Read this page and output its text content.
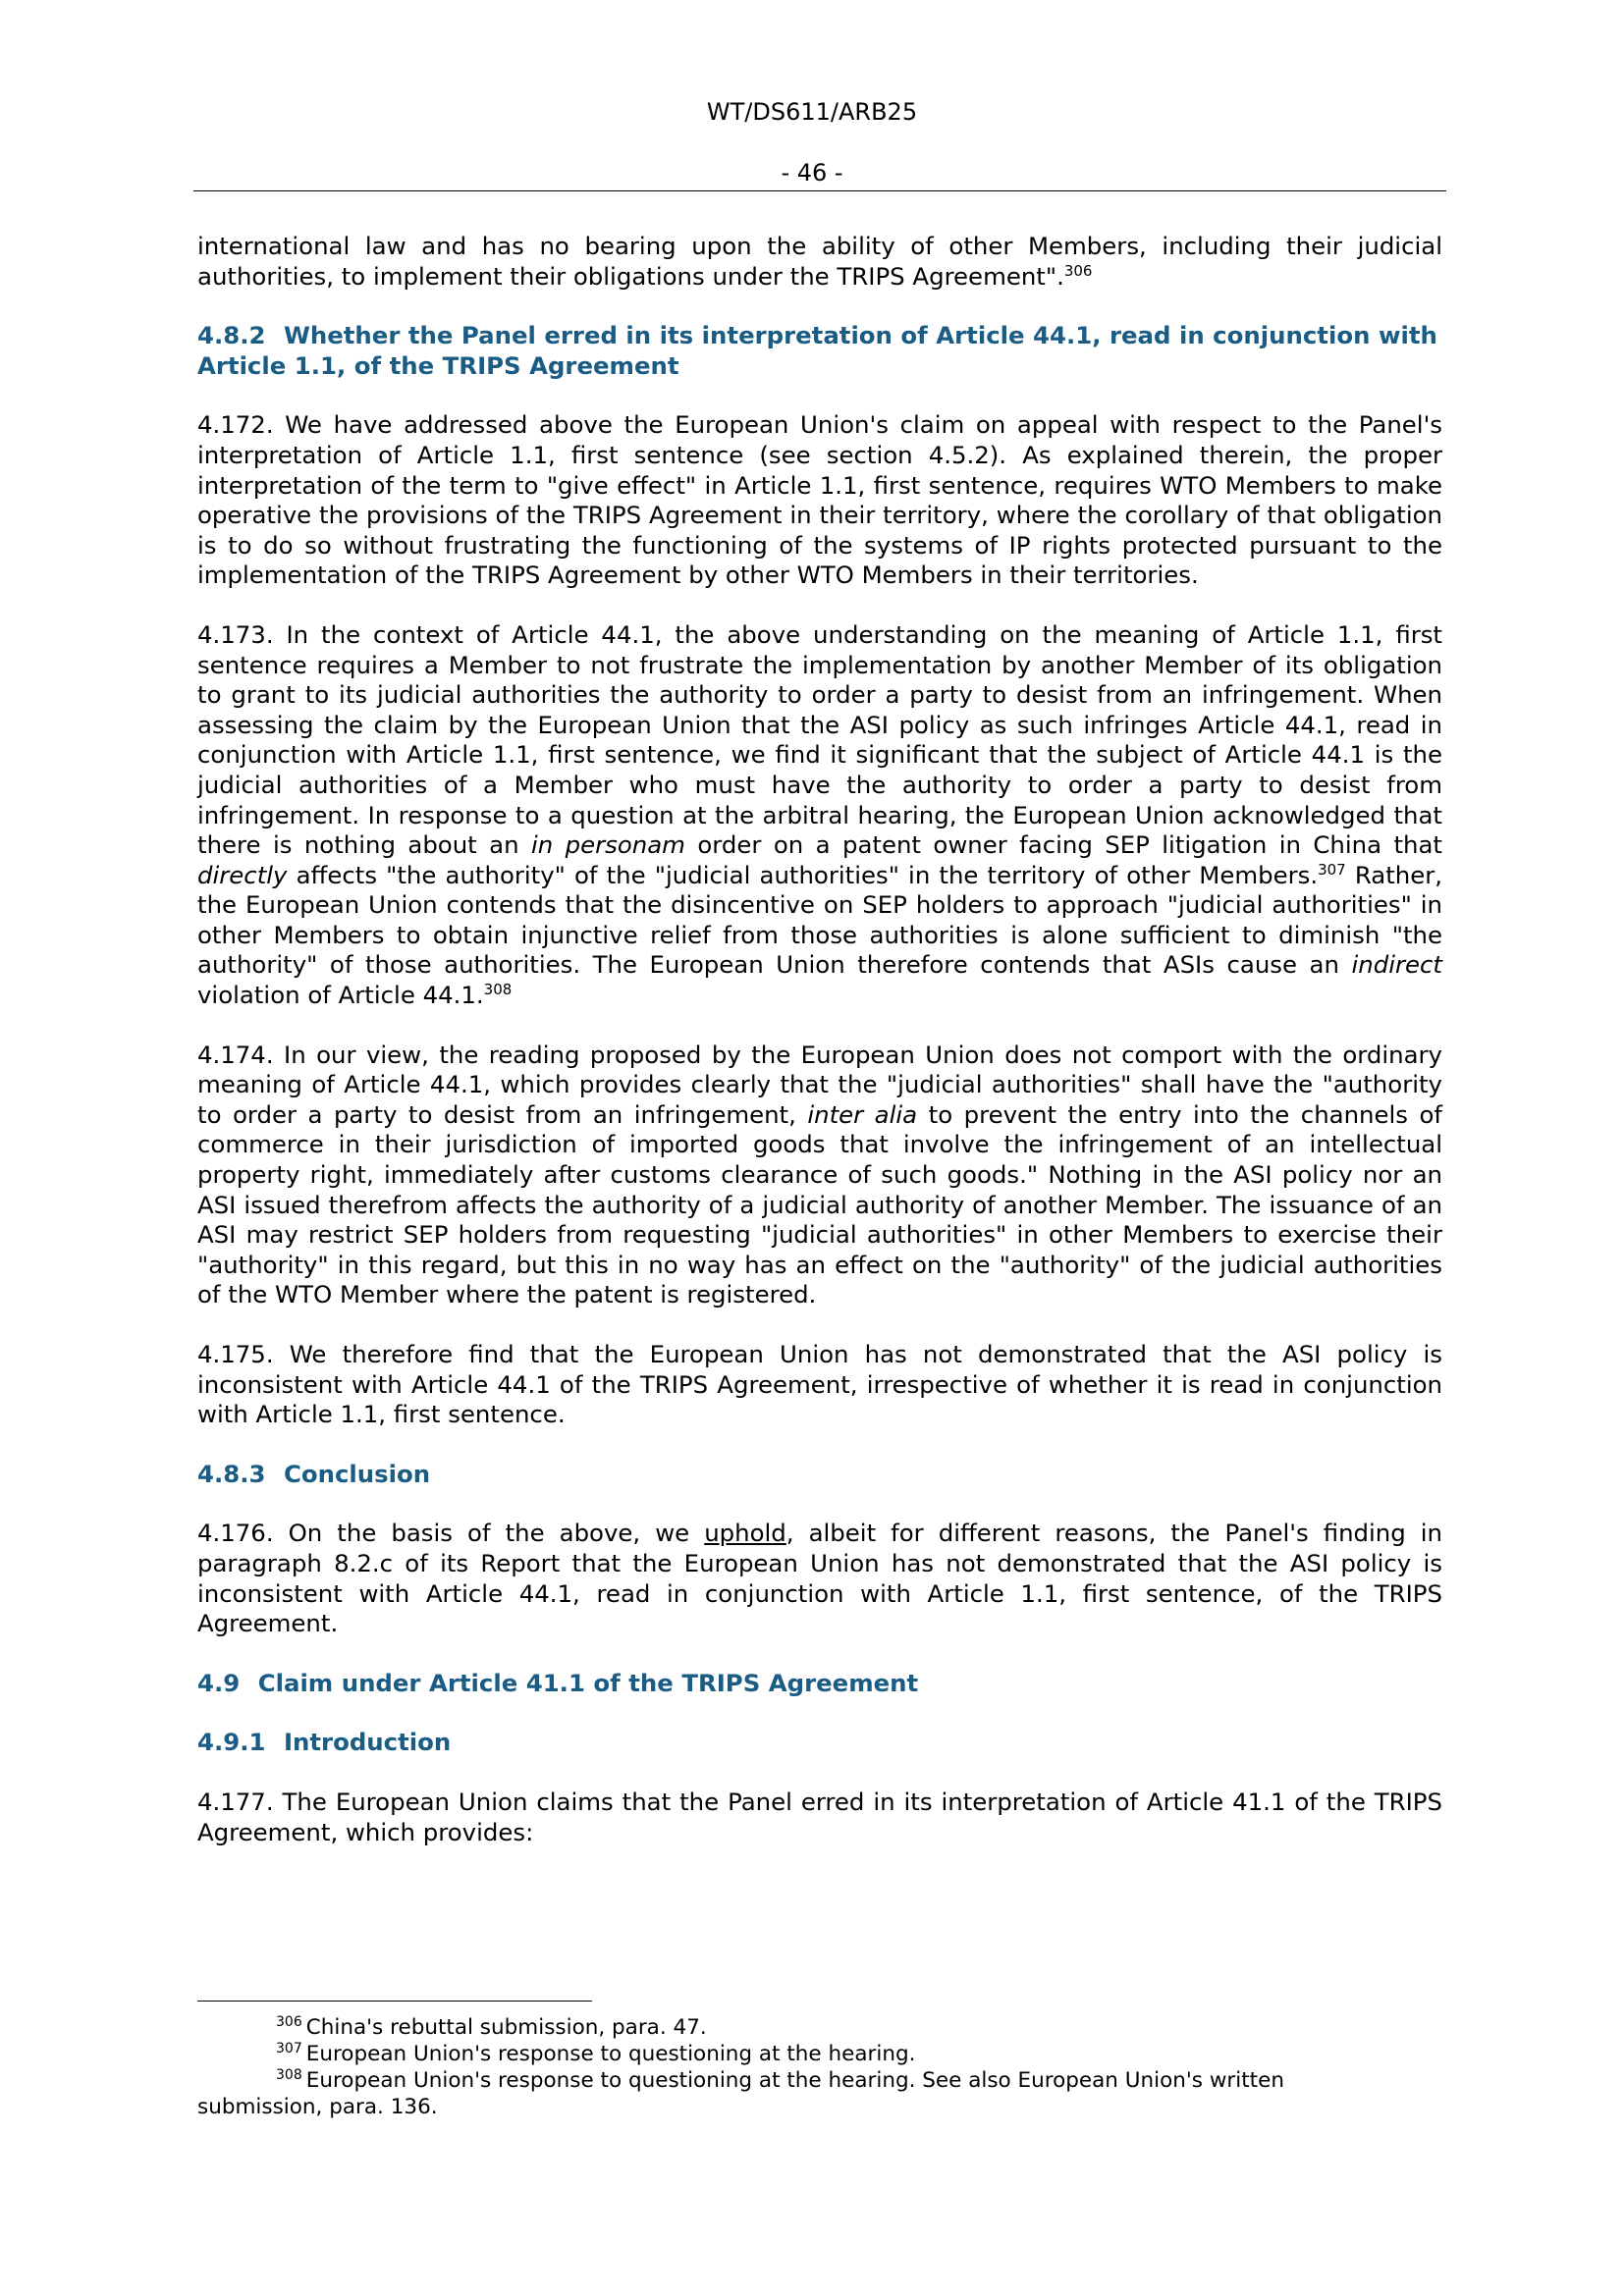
WT/DS611/ARB25
- 46 -

international law and has no bearing upon the ability of other Members, including their judicial authorities, to implement their obligations under the TRIPS Agreement".$^{306}$

4.8.2 Whether the Panel erred in its interpretation of Article 44.1, read in conjunction with Article 1.1, of the TRIPS Agreement

4.172. We have addressed above the European Union's claim on appeal with respect to the Panel's interpretation of Article 1.1, first sentence (see section 4.5.2). As explained therein, the proper interpretation of the term to "give effect" in Article 1.1, first sentence, requires WTO Members to make operative the provisions of the TRIPS Agreement in their territory, where the corollary of that obligation is to do so without frustrating the functioning of the systems of IP rights protected pursuant to the implementation of the TRIPS Agreement by other WTO Members in their territories.

4.173. In the context of Article 44.1, the above understanding on the meaning of Article 1.1, first sentence requires a Member to not frustrate the implementation by another Member of its obligation to grant to its judicial authorities the authority to order a party to desist from an infringement. When assessing the claim by the European Union that the ASI policy as such infringes Article 44.1, read in conjunction with Article 1.1, first sentence, we find it significant that the subject of Article 44.1 is the judicial authorities of a Member who must have the authority to order a party to desist from infringement. In response to a question at the arbitral hearing, the European Union acknowledged that there is nothing about an in personam order on a patent owner facing SEP litigation in China that directly affects "the authority" of the "judicial authorities" in the territory of other Members.$^{307}$ Rather, the European Union contends that the disincentive on SEP holders to approach "judicial authorities" in other Members to obtain injunctive relief from those authorities is alone sufficient to diminish "the authority" of those authorities. The European Union therefore contends that ASIs cause an indirect violation of Article 44.1.$^{308}$

4.174. In our view, the reading proposed by the European Union does not comport with the ordinary meaning of Article 44.1, which provides clearly that the "judicial authorities" shall have the "authority to order a party to desist from an infringement, inter alia to prevent the entry into the channels of commerce in their jurisdiction of imported goods that involve the infringement of an intellectual property right, immediately after customs clearance of such goods." Nothing in the ASI policy nor an ASI issued therefrom affects the authority of a judicial authority of another Member. The issuance of an ASI may restrict SEP holders from requesting "judicial authorities" in other Members to exercise their "authority" in this regard, but this in no way has an effect on the "authority" of the judicial authorities of the WTO Member where the patent is registered.

4.175. We therefore find that the European Union has not demonstrated that the ASI policy is inconsistent with Article 44.1 of the TRIPS Agreement, irrespective of whether it is read in conjunction with Article 1.1, first sentence.

4.8.3 Conclusion

4.176. On the basis of the above, we uphold, albeit for different reasons, the Panel's finding in paragraph 8.2.c of its Report that the European Union has not demonstrated that the ASI policy is inconsistent with Article 44.1, read in conjunction with Article 1.1, first sentence, of the TRIPS Agreement.

4.9 Claim under Article 41.1 of the TRIPS Agreement
4.9.1 Introduction

4.177. The European Union claims that the Panel erred in its interpretation of Article 41.1 of the TRIPS Agreement, which provides:

$^{306}$ China's rebuttal submission, para. 47.
$^{307}$ European Union's response to questioning at the hearing.
$^{308}$ European Union's response to questioning at the hearing. See also European Union's written
submission, para. 136.
